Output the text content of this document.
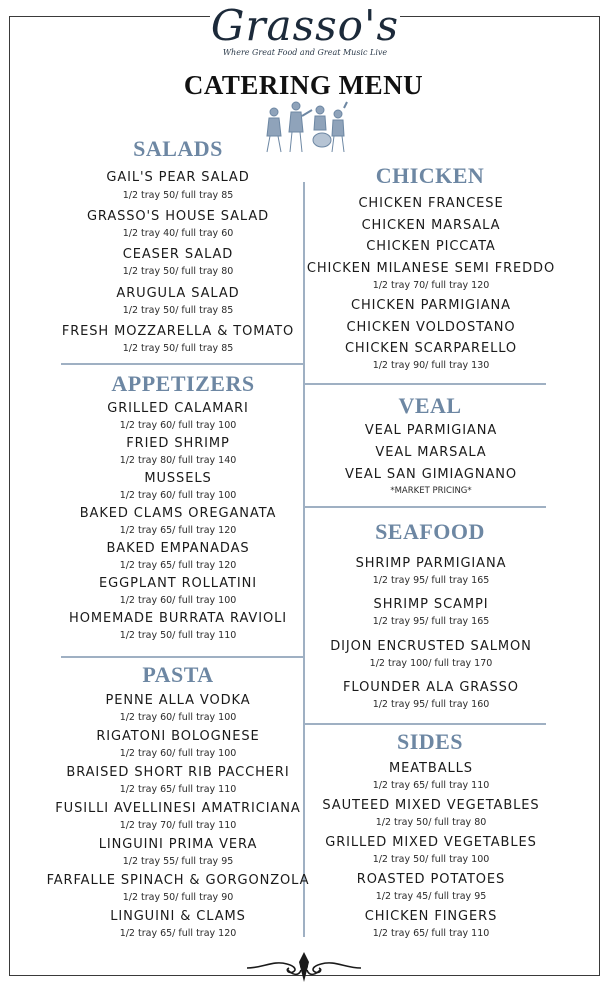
Grasso's
Where Great Food and Great Music Live
CATERING MENU
SALADS
GAIL'S PEAR SALAD
1/2 tray 50/ full tray 85
GRASSO'S HOUSE SALAD
1/2 tray 40/ full tray 60
CEASER SALAD
1/2 tray 50/ full tray 80
ARUGULA SALAD
1/2 tray 50/ full tray 85
FRESH MOZZARELLA & TOMATO
1/2 tray 50/ full tray 85
APPETIZERS
GRILLED CALAMARI
1/2 tray 60/ full tray 100
FRIED SHRIMP
1/2 tray 80/ full tray 140
MUSSELS
1/2 tray 60/ full tray 100
BAKED CLAMS OREGANATA
1/2 tray 65/ full tray 120
BAKED EMPANADAS
1/2 tray 65/ full tray 120
EGGPLANT ROLLATINI
1/2 tray 60/ full tray 100
HOMEMADE BURRATA RAVIOLI
1/2 tray 50/ full tray 110
PASTA
PENNE ALLA VODKA
1/2 tray 60/ full tray 100
RIGATONI BOLOGNESE
1/2 tray 60/ full tray 100
BRAISED SHORT RIB PACCHERI
1/2 tray 65/ full tray 110
FUSILLI AVELLINESI AMATRICIANA
1/2 tray 70/ full tray 110
LINGUINI PRIMA VERA
1/2 tray 55/ full tray 95
FARFALLE SPINACH & GORGONZOLA
1/2 tray 50/ full tray 90
LINGUINI & CLAMS
1/2 tray 65/ full tray 120
CHICKEN
CHICKEN FRANCESE
CHICKEN MARSALA
CHICKEN PICCATA
CHICKEN MILANESE SEMI FREDDO
1/2 tray 70/ full tray 120
CHICKEN PARMIGIANA
CHICKEN VOLDOSTANO
CHICKEN SCARPARELLO
1/2 tray 90/ full tray 130
VEAL
VEAL PARMIGIANA
VEAL MARSALA
VEAL SAN GIMIAGNANO
*MARKET PRICING*
SEAFOOD
SHRIMP PARMIGIANA
1/2 tray 95/ full tray 165
SHRIMP SCAMPI
1/2 tray 95/ full tray 165
DIJON ENCRUSTED SALMON
1/2 tray 100/ full tray 170
FLOUNDER ALA GRASSO
1/2 tray 95/ full tray 160
SIDES
MEATBALLS
1/2 tray 65/ full tray 110
SAUTEED MIXED VEGETABLES
1/2 tray 50/ full tray 80
GRILLED MIXED VEGETABLES
1/2 tray 50/ full tray 100
ROASTED POTATOES
1/2 tray 45/ full tray 95
CHICKEN FINGERS
1/2 tray 65/ full tray 110
